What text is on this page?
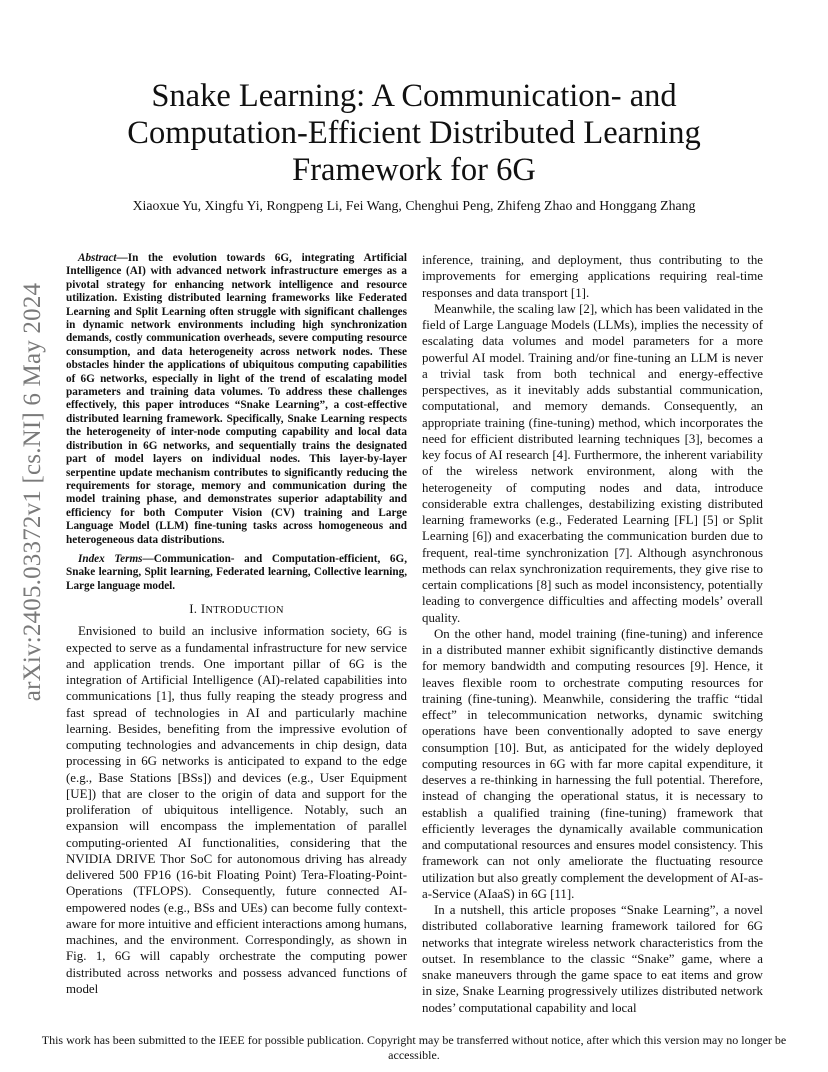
arXiv:2405.03372v1 [cs.NI] 6 May 2024
Snake Learning: A Communication- and
Computation-Efficient Distributed Learning
Framework for 6G
Xiaoxue Yu, Xingfu Yi, Rongpeng Li, Fei Wang, Chenghui Peng, Zhifeng Zhao and Honggang Zhang

Abstract—In the evolution towards 6G, integrating Artificial Intelligence (AI) with advanced network infrastructure emerges as a pivotal strategy for enhancing network intelligence and resource utilization. Existing distributed learning frameworks like Federated Learning and Split Learning often struggle with significant challenges in dynamic network environments including high synchronization demands, costly communication overheads, severe computing resource consumption, and data heterogeneity across network nodes. These obstacles hinder the applications of ubiquitous computing capabilities of 6G networks, especially in light of the trend of escalating model parameters and training data volumes. To address these challenges effectively, this paper introduces “Snake Learning”, a cost-effective distributed learning framework. Specifically, Snake Learning respects the heterogeneity of inter-node computing capability and local data distribution in 6G networks, and sequentially trains the designated part of model layers on individual nodes. This layer-by-layer serpentine update mechanism contributes to significantly reducing the requirements for storage, memory and communication during the model training phase, and demonstrates superior adaptability and efficiency for both Computer Vision (CV) training and Large Language Model (LLM) fine-tuning tasks across homogeneous and heterogeneous data distributions.

Index Terms—Communication- and Computation-efficient, 6G, Snake learning, Split learning, Federated learning, Collective learning, Large language model.

I. INTRODUCTION

Envisioned to build an inclusive information society, 6G is expected to serve as a fundamental infrastructure for new service and application trends. One important pillar of 6G is the integration of Artificial Intelligence (AI)-related capabilities into communications [1], thus fully reaping the steady progress and fast spread of technologies in AI and particularly machine learning. Besides, benefiting from the impressive evolution of computing technologies and advancements in chip design, data processing in 6G networks is anticipated to expand to the edge (e.g., Base Stations [BSs]) and devices (e.g., User Equipment [UE]) that are closer to the origin of data and support for the proliferation of ubiquitous intelligence. Notably, such an expansion will encompass the implementation of parallel computing-oriented AI functionalities, considering that the NVIDIA DRIVE Thor SoC for autonomous driving has already delivered 500 FP16 (16-bit Floating Point) Tera-Floating-Point-Operations (TFLOPS). Consequently, future connected AI-empowered nodes (e.g., BSs and UEs) can become fully context-aware for more intuitive and efficient interactions among humans, machines, and the environment. Correspondingly, as shown in Fig. 1, 6G will capably orchestrate the computing power distributed across networks and possess advanced functions of model

inference, training, and deployment, thus contributing to the improvements for emerging applications requiring real-time responses and data transport [1].

Meanwhile, the scaling law [2], which has been validated in the field of Large Language Models (LLMs), implies the necessity of escalating data volumes and model parameters for a more powerful AI model. Training and/or fine-tuning an LLM is never a trivial task from both technical and energy-effective perspectives, as it inevitably adds substantial communication, computational, and memory demands. Consequently, an appropriate training (fine-tuning) method, which incorporates the need for efficient distributed learning techniques [3], becomes a key focus of AI research [4]. Furthermore, the inherent variability of the wireless network environment, along with the heterogeneity of computing nodes and data, introduce considerable extra challenges, destabilizing existing distributed learning frameworks (e.g., Federated Learning [FL] [5] or Split Learning [6]) and exacerbating the communication burden due to frequent, real-time synchronization [7]. Although asynchronous methods can relax synchronization requirements, they give rise to certain complications [8] such as model inconsistency, potentially leading to convergence difficulties and affecting models’ overall quality.

On the other hand, model training (fine-tuning) and inference in a distributed manner exhibit significantly distinctive demands for memory bandwidth and computing resources [9]. Hence, it leaves flexible room to orchestrate computing resources for training (fine-tuning). Meanwhile, considering the traffic “tidal effect” in telecommunication networks, dynamic switching operations have been conventionally adopted to save energy consumption [10]. But, as anticipated for the widely deployed computing resources in 6G with far more capital expenditure, it deserves a re-thinking in harnessing the full potential. Therefore, instead of changing the operational status, it is necessary to establish a qualified training (fine-tuning) framework that efficiently leverages the dynamically available communication and computational resources and ensures model consistency. This framework can not only ameliorate the fluctuating resource utilization but also greatly complement the development of AI-as-a-Service (AIaaS) in 6G [11].

In a nutshell, this article proposes “Snake Learning”, a novel distributed collaborative learning framework tailored for 6G networks that integrate wireless network characteristics from the outset. In resemblance to the classic “Snake” game, where a snake maneuvers through the game space to eat items and grow in size, Snake Learning progressively utilizes distributed network nodes’ computational capability and local

This work has been submitted to the IEEE for possible publication. Copyright may be transferred without notice, after which this version may no longer be accessible.
